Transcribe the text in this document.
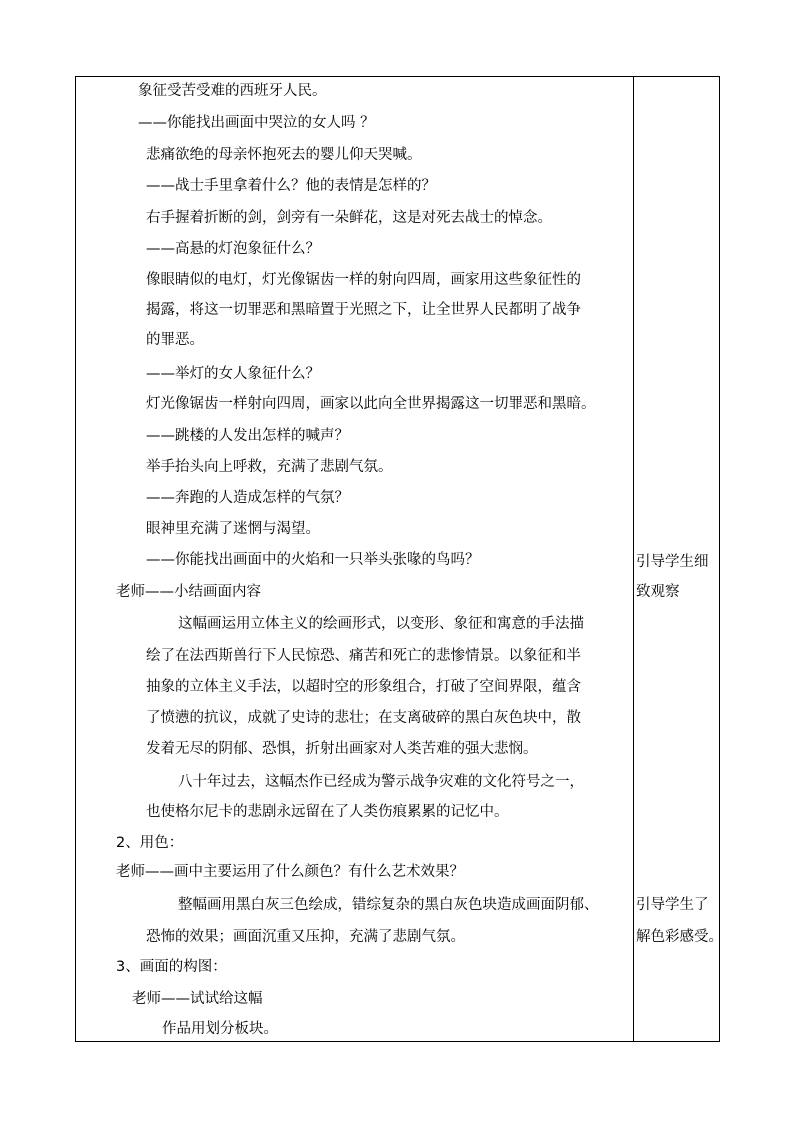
象征受苦受难的西班牙人民。
——你能找出画面中哭泣的女人吗 ？
悲痛欲绝的母亲怀抱死去的婴儿仰天哭喊。
——战士手里拿着什么？他的表情是怎样的？
右手握着折断的剑，剑旁有一朵鲜花，这是对死去战士的悼念。
——高悬的灯泡象征什么？
像眼睛似的电灯，灯光像锯齿一样的射向四周，画家用这些象征性的
揭露，将这一切罪恶和黑暗置于光照之下，让全世界人民都明了战争
的罪恶。
——举灯的女人象征什么？
灯光像锯齿一样射向四周，画家以此向全世界揭露这一切罪恶和黑暗。
——跳楼的人发出怎样的喊声？
举手抬头向上呼救，充满了悲剧气氛。
——奔跑的人造成怎样的气氛？
眼神里充满了迷惘与渴望。
——你能找出画面中的火焰和一只举头张喙的鸟吗？
老师——小结画面内容
这幅画运用立体主义的绘画形式，以变形、象征和寓意的手法描
绘了在法西斯兽行下人民惊恐、痛苦和死亡的悲惨情景。以象征和半
抽象的立体主义手法，以超时空的形象组合，打破了空间界限，蕴含
了愤懑的抗议，成就了史诗的悲壮；在支离破碎的黑白灰色块中，散
发着无尽的阴郁、恐惧，折射出画家对人类苦难的强大悲悯。
八十年过去，这幅杰作已经成为警示战争灾难的文化符号之一，
也使格尔尼卡的悲剧永远留在了人类伤痕累累的记忆中。
2、用色：
老师——画中主要运用了什么颜色？有什么艺术效果？
整幅画用黑白灰三色绘成，错综复杂的黑白灰色块造成画面阴郁、
恐怖的效果；画面沉重又压抑，充满了悲剧气氛。
3、画面的构图：
老师——试试给这幅
作品用划分板块。
引导学生细
致观察
引导学生了
解色彩感受。
